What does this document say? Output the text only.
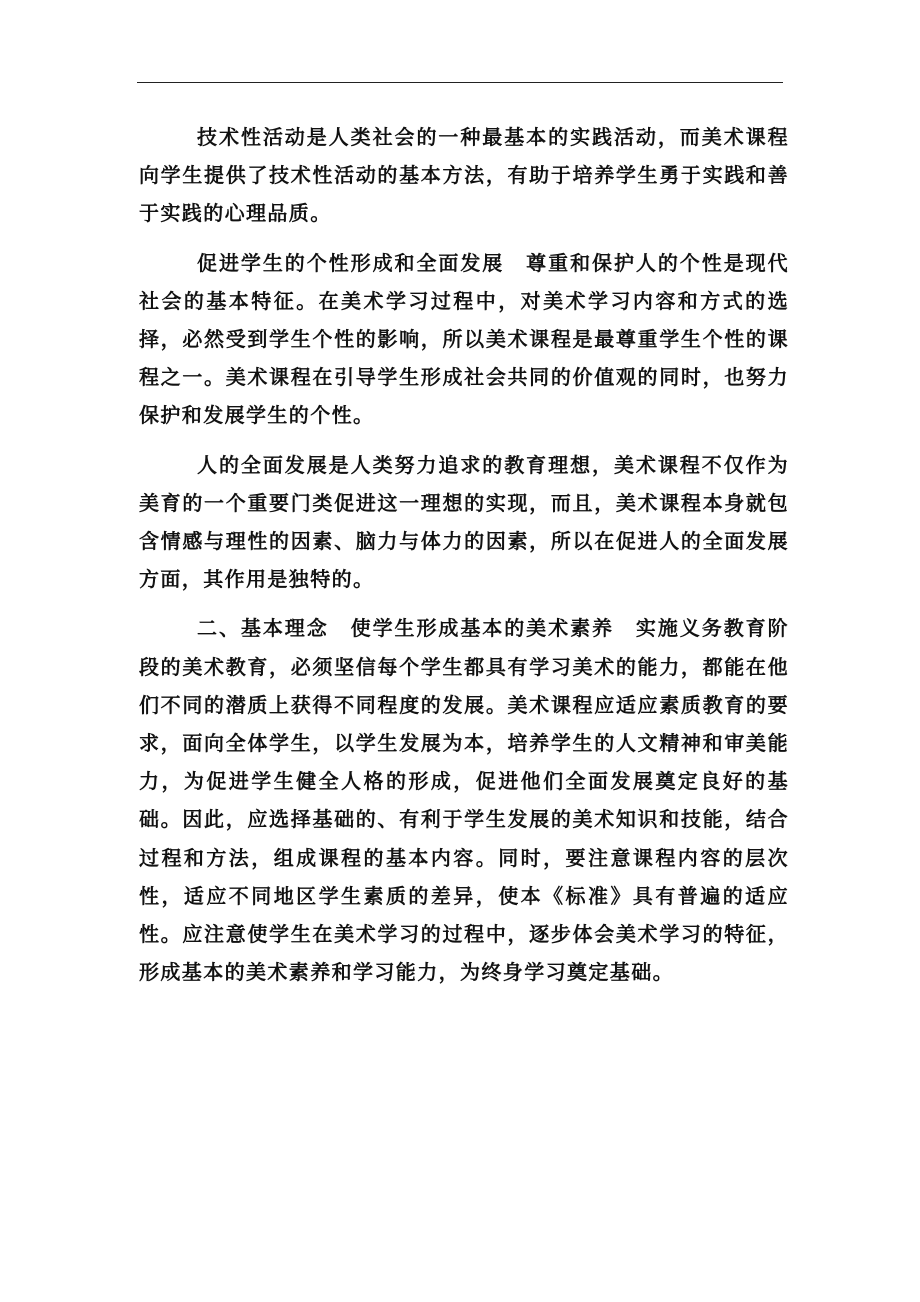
技术性活动是人类社会的一种最基本的实践活动，而美术课程向学生提供了技术性活动的基本方法，有助于培养学生勇于实践和善于实践的心理品质。

促进学生的个性形成和全面发展　尊重和保护人的个性是现代社会的基本特征。在美术学习过程中，对美术学习内容和方式的选择，必然受到学生个性的影响，所以美术课程是最尊重学生个性的课程之一。美术课程在引导学生形成社会共同的价值观的同时，也努力保护和发展学生的个性。

人的全面发展是人类努力追求的教育理想，美术课程不仅作为美育的一个重要门类促进这一理想的实现，而且，美术课程本身就包含情感与理性的因素、脑力与体力的因素，所以在促进人的全面发展方面，其作用是独特的。

二、基本理念　使学生形成基本的美术素养　实施义务教育阶段的美术教育，必须坚信每个学生都具有学习美术的能力，都能在他们不同的潜质上获得不同程度的发展。美术课程应适应素质教育的要求，面向全体学生，以学生发展为本，培养学生的人文精神和审美能力，为促进学生健全人格的形成，促进他们全面发展奠定良好的基础。因此，应选择基础的、有利于学生发展的美术知识和技能，结合过程和方法，组成课程的基本内容。同时，要注意课程内容的层次性，适应不同地区学生素质的差异，使本《标准》具有普遍的适应性。应注意使学生在美术学习的过程中，逐步体会美术学习的特征，形成基本的美术素养和学习能力，为终身学习奠定基础。
